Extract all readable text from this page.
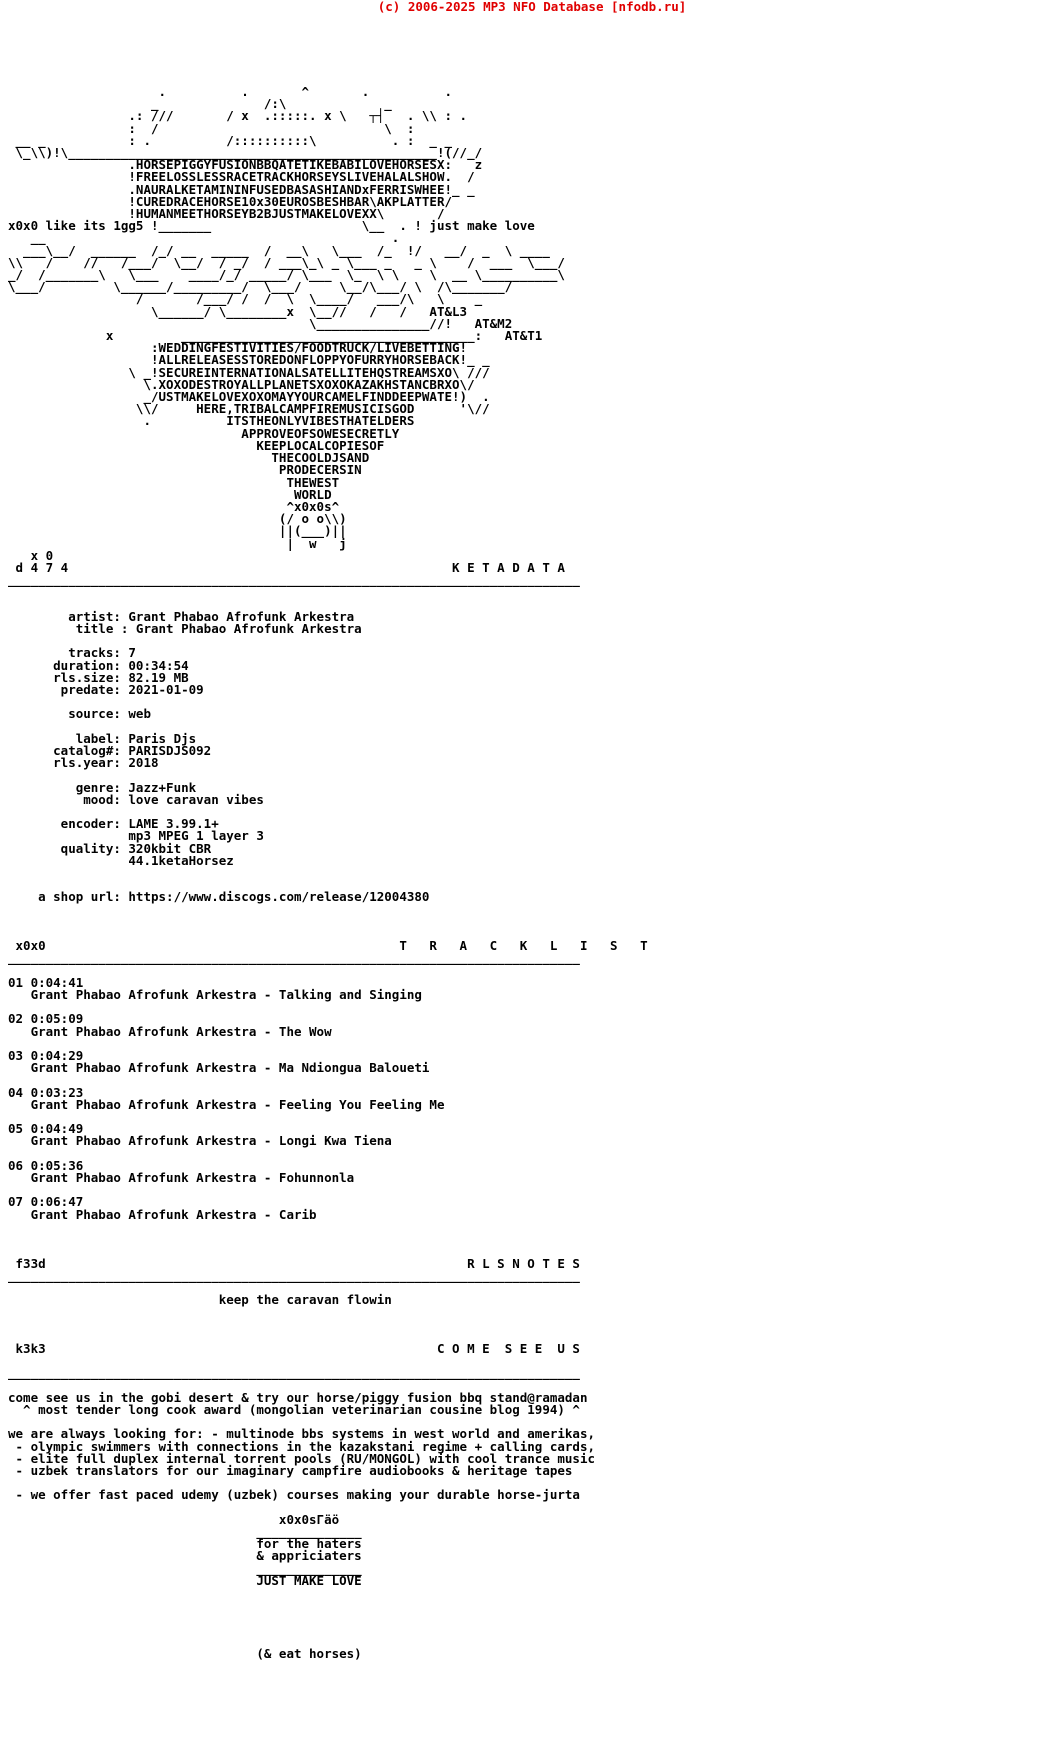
(c) 2006-2025 MP3 NFO Database [nfodb.ru]
.          .       ^       .          .
_              /:\             _
.: ///       / x  .:::::. x \   ┬┤   . \\ : .
:  /                              \  :
__ _           : .          /::::::::::\          . :  _ _
\_\\)!\_________________________________________________!(//_/
.HORSEPIGGYFUSIONBBQATETIKEBABILOVEHORSESX:   z
!FREELOSSLESSRACETRACKHORSEYSLIVEHALALSHOW.  /
.NAURALKETAMININFUSEDBASASHIANDxFERRISWHEE!_ _
!CUREDRACEHORSE10x30EUROSBESHBAR\AKPLATTER/
!HUMANMEETHORSEYB2BJUSTMAKELOVEXX\       /
x0x0 like its 1gg5 !_______                    \__  . ! just make love
__                                              .
___\__/  ______  /_/ __  _____  /  __\   \___  /_  !/   __/  _  \ ____
\\   /    //   /___/  \__/  / _/  / ___\_\ _ \___ _   _ \    /  ___  \___/
_/  /_______\   \___    ____/_/ _____/ \___  \_  \ \    \  __ \__________\
\___/         \______/_________/  \___/     \__/\___/ \  /\_______/
/       /___/ /  /  \  \____/   ___/\   \    _
\______/ \________x  \__//   /   /   AT&L3
\_______________//!   AT&M2
x         _______________________________________:   AT&T1
:WEDDINGFESTIVITIES/FOODTRUCK/LIVEBETTING!
!ALLRELEASESSTOREDONFLOPPYOFURRYHORSEBACK!_ _
\ _!SECUREINTERNATIONALSATELLITEHQSTREAMSXO\ ///
\.XOXODESTROYALLPLANETSXOXOKAZAKHSTANCBRXO\/
_/USTMAKELOVEXOXOMAYYOURCAMELFINDDEEPWATE!)  .
\\/     HERE,TRIBALCAMPFIREMUSICISGOD      '\//
.          ITSTHEONLYVIBESTHATELDERS
APPROVEOFSOWESECRETLY
KEEPLOCALCOPIESOF
THECOOLDJSAND
PRODECERSIN
THEWEST
WORLD
^x0x0s^
(/ o o\\)
||(___)||
|  w   j
x 0
d 4 7 4                                                   K E T A D A T A
____________________________________________________________________________

artist: Grant Phabao Afrofunk Arkestra
title : Grant Phabao Afrofunk Arkestra

tracks: 7
duration: 00:34:54
rls.size: 82.19 MB
predate: 2021-01-09

source: web

label: Paris Djs
catalog#: PARISDJS092
rls.year: 2018

genre: Jazz+Funk
mood: love caravan vibes

encoder: LAME 3.99.1+
mp3 MPEG 1 layer 3
quality: 320kbit CBR
44.1ketaHorsez

a shop url: https://www.discogs.com/release/12004380

x0x0                                               T   R   A   C   K   L   I   S   T
____________________________________________________________________________

01 0:04:41
Grant Phabao Afrofunk Arkestra - Talking and Singing

02 0:05:09
Grant Phabao Afrofunk Arkestra - The Wow

03 0:04:29
Grant Phabao Afrofunk Arkestra - Ma Ndiongua Baloueti

04 0:03:23
Grant Phabao Afrofunk Arkestra - Feeling You Feeling Me

05 0:04:49
Grant Phabao Afrofunk Arkestra - Longi Kwa Tiena

06 0:05:36
Grant Phabao Afrofunk Arkestra - Fohunnonla

07 0:06:47
Grant Phabao Afrofunk Arkestra - Carib

f33d                                                        R L S N O T E S
____________________________________________________________________________

keep the caravan flowin

k3k3                                                    C O M E  S E E  U S

____________________________________________________________________________

come see us in the gobi desert & try our horse/piggy fusion bbq stand@ramadan
^ most tender long cook award (mongolian veterinarian cousine blog 1994) ^

we are always looking for: - multinode bbs systems in west world and amerikas,
- olympic swimmers with connections in the kazakstani regime + calling cards,
- elite full duplex internal torrent pools (RU/MONGOL) with cool trance music
- uzbek translators for our imaginary campfire audiobooks & heritage tapes

- we offer fast paced udemy (uzbek) courses making your durable horse-jurta

x0x0sГäö
______________
for the haters
& appriciaters
______________
JUST MAKE LOVE

(& eat horses)
